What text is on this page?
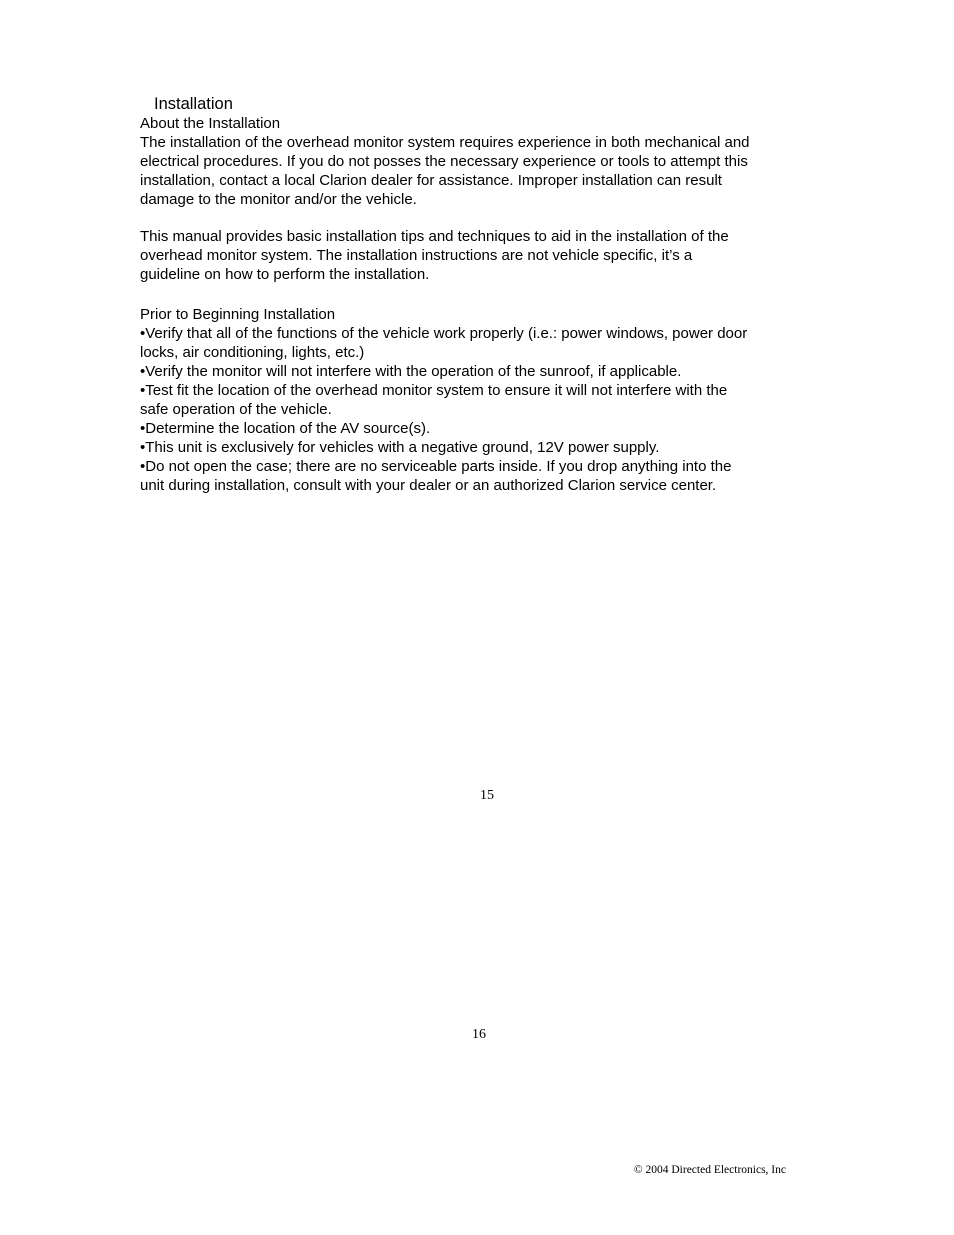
Installation
About the Installation
The installation of the overhead monitor system requires experience in both mechanical and
electrical procedures. If you do not posses the necessary experience or tools to attempt this
installation, contact a local Clarion dealer for assistance. Improper installation can result
damage to the monitor and/or the vehicle.
This manual provides basic installation tips and techniques to aid in the installation of the
overhead monitor system. The installation instructions are not vehicle specific, it’s a
guideline on how to perform the installation.
Prior to Beginning Installation
•Verify that all of the functions of the vehicle work properly (i.e.: power windows, power door
locks, air conditioning, lights, etc.)
•Verify the monitor will not interfere with the operation of the sunroof, if applicable.
•Test fit the location of the overhead monitor system to ensure it will not interfere with the
safe operation of the vehicle.
•Determine the location of the AV source(s).
•This unit is exclusively for vehicles with a negative ground, 12V power supply.
•Do not open the case; there are no serviceable parts inside. If you drop anything into the
unit during installation, consult with your dealer or an authorized Clarion service center.
15
16
© 2004 Directed Electronics, Inc
